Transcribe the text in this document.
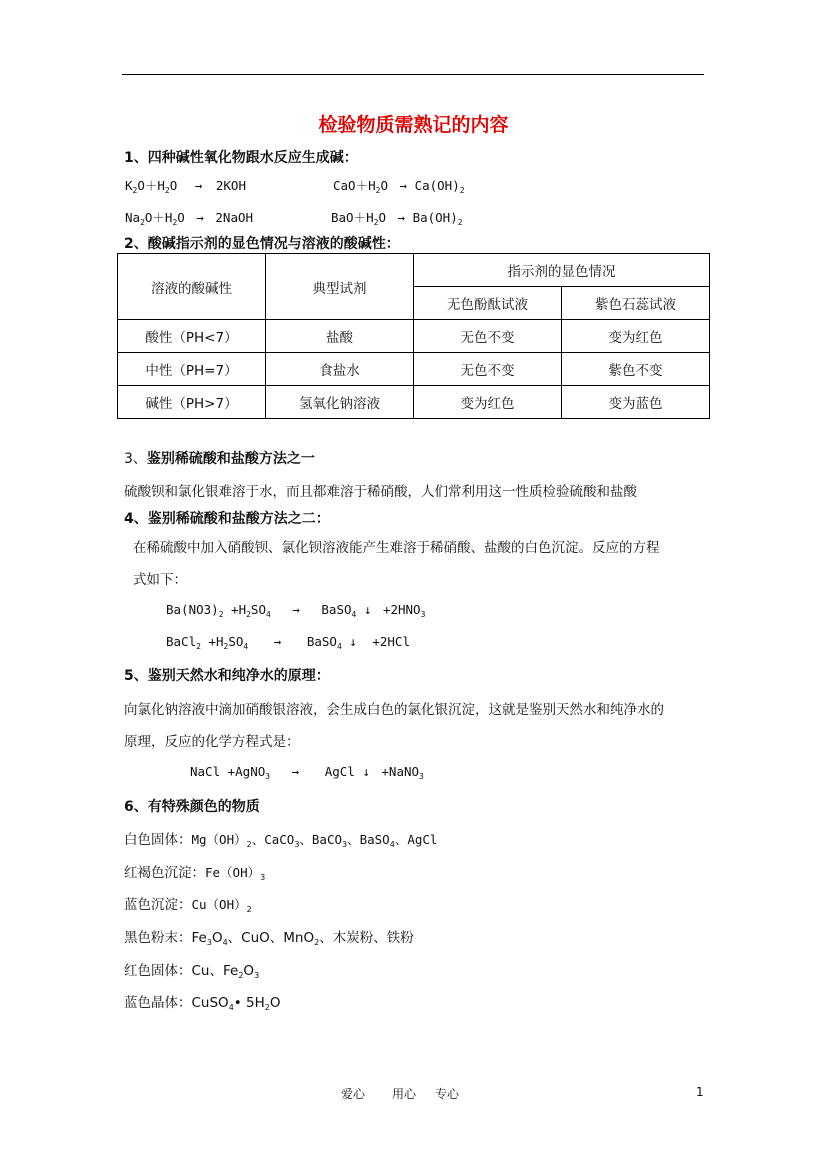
检验物质需熟记的内容
1、四种碱性氧化物跟水反应生成碱：
$K_2O+H_2O \to 2KOH$	$CaO+H_2O \to Ca(OH)_2$
$Na_2O+H_2O$ → 2NaOH	$BaO+H_2O \to Ba(OH)_2$
2、酸碱指示剂的显色情况与溶液的酸碱性：
溶液的酸碱性	典型试剂	指示剂的显色情况	
		无色酚酞试液	紫色石蕊试液
酸性（PH<7）	盐酸	无色不变	变为红色
中性（PH=7）	食盐水	无色不变	紫色不变
碱性（PH>7）	氢氧化钠溶液	变为红色	变为蓝色
3、鉴别稀硫酸和盐酸方法之一
硫酸钡和氯化银难溶于水，而且都难溶于稀硝酸，人们常利用这一性质检验硫酸和盐酸
4、鉴别稀硫酸和盐酸方法之二：
在稀硫酸中加入硝酸钡、氯化钡溶液能产生难溶于稀硝酸、盐酸的白色沉淀。反应的方程
式如下：
$Ba(NO3)_2 +H_2SO_4$ → BaSO$_4$ ↓ $+2HNO_3$
BaCl$_2$ $+H_2SO_4$ → BaSO$_4$ ↓ +2HCl
5、鉴别天然水和纯净水的原理：
向氯化钠溶液中滴加硝酸银溶液，会生成白色的氯化银沉淀，这就是鉴别天然水和纯净水的
原理，反应的化学方程式是：
NaCl +AgNO$_3$ → AgCl ↓ +NaNO$_3$
6、有特殊颜色的物质
白色固体：$Mg(OH)_2$、CaCO$_3$、BaCO$_3$、BaSO$_4$、AgCl
红褐色沉淀：$Fe(OH)_3$
蓝色沉淀：$Cu(OH)_2$
黑色粉末：$Fe_3O_4$、CuO、MnO$_2$、木炭粉、铁粉
红色固体：Cu、$Fe_2O_3$
蓝色晶体：CuSO$_4$• $5H_2O$
爱心 用心 专心	1
